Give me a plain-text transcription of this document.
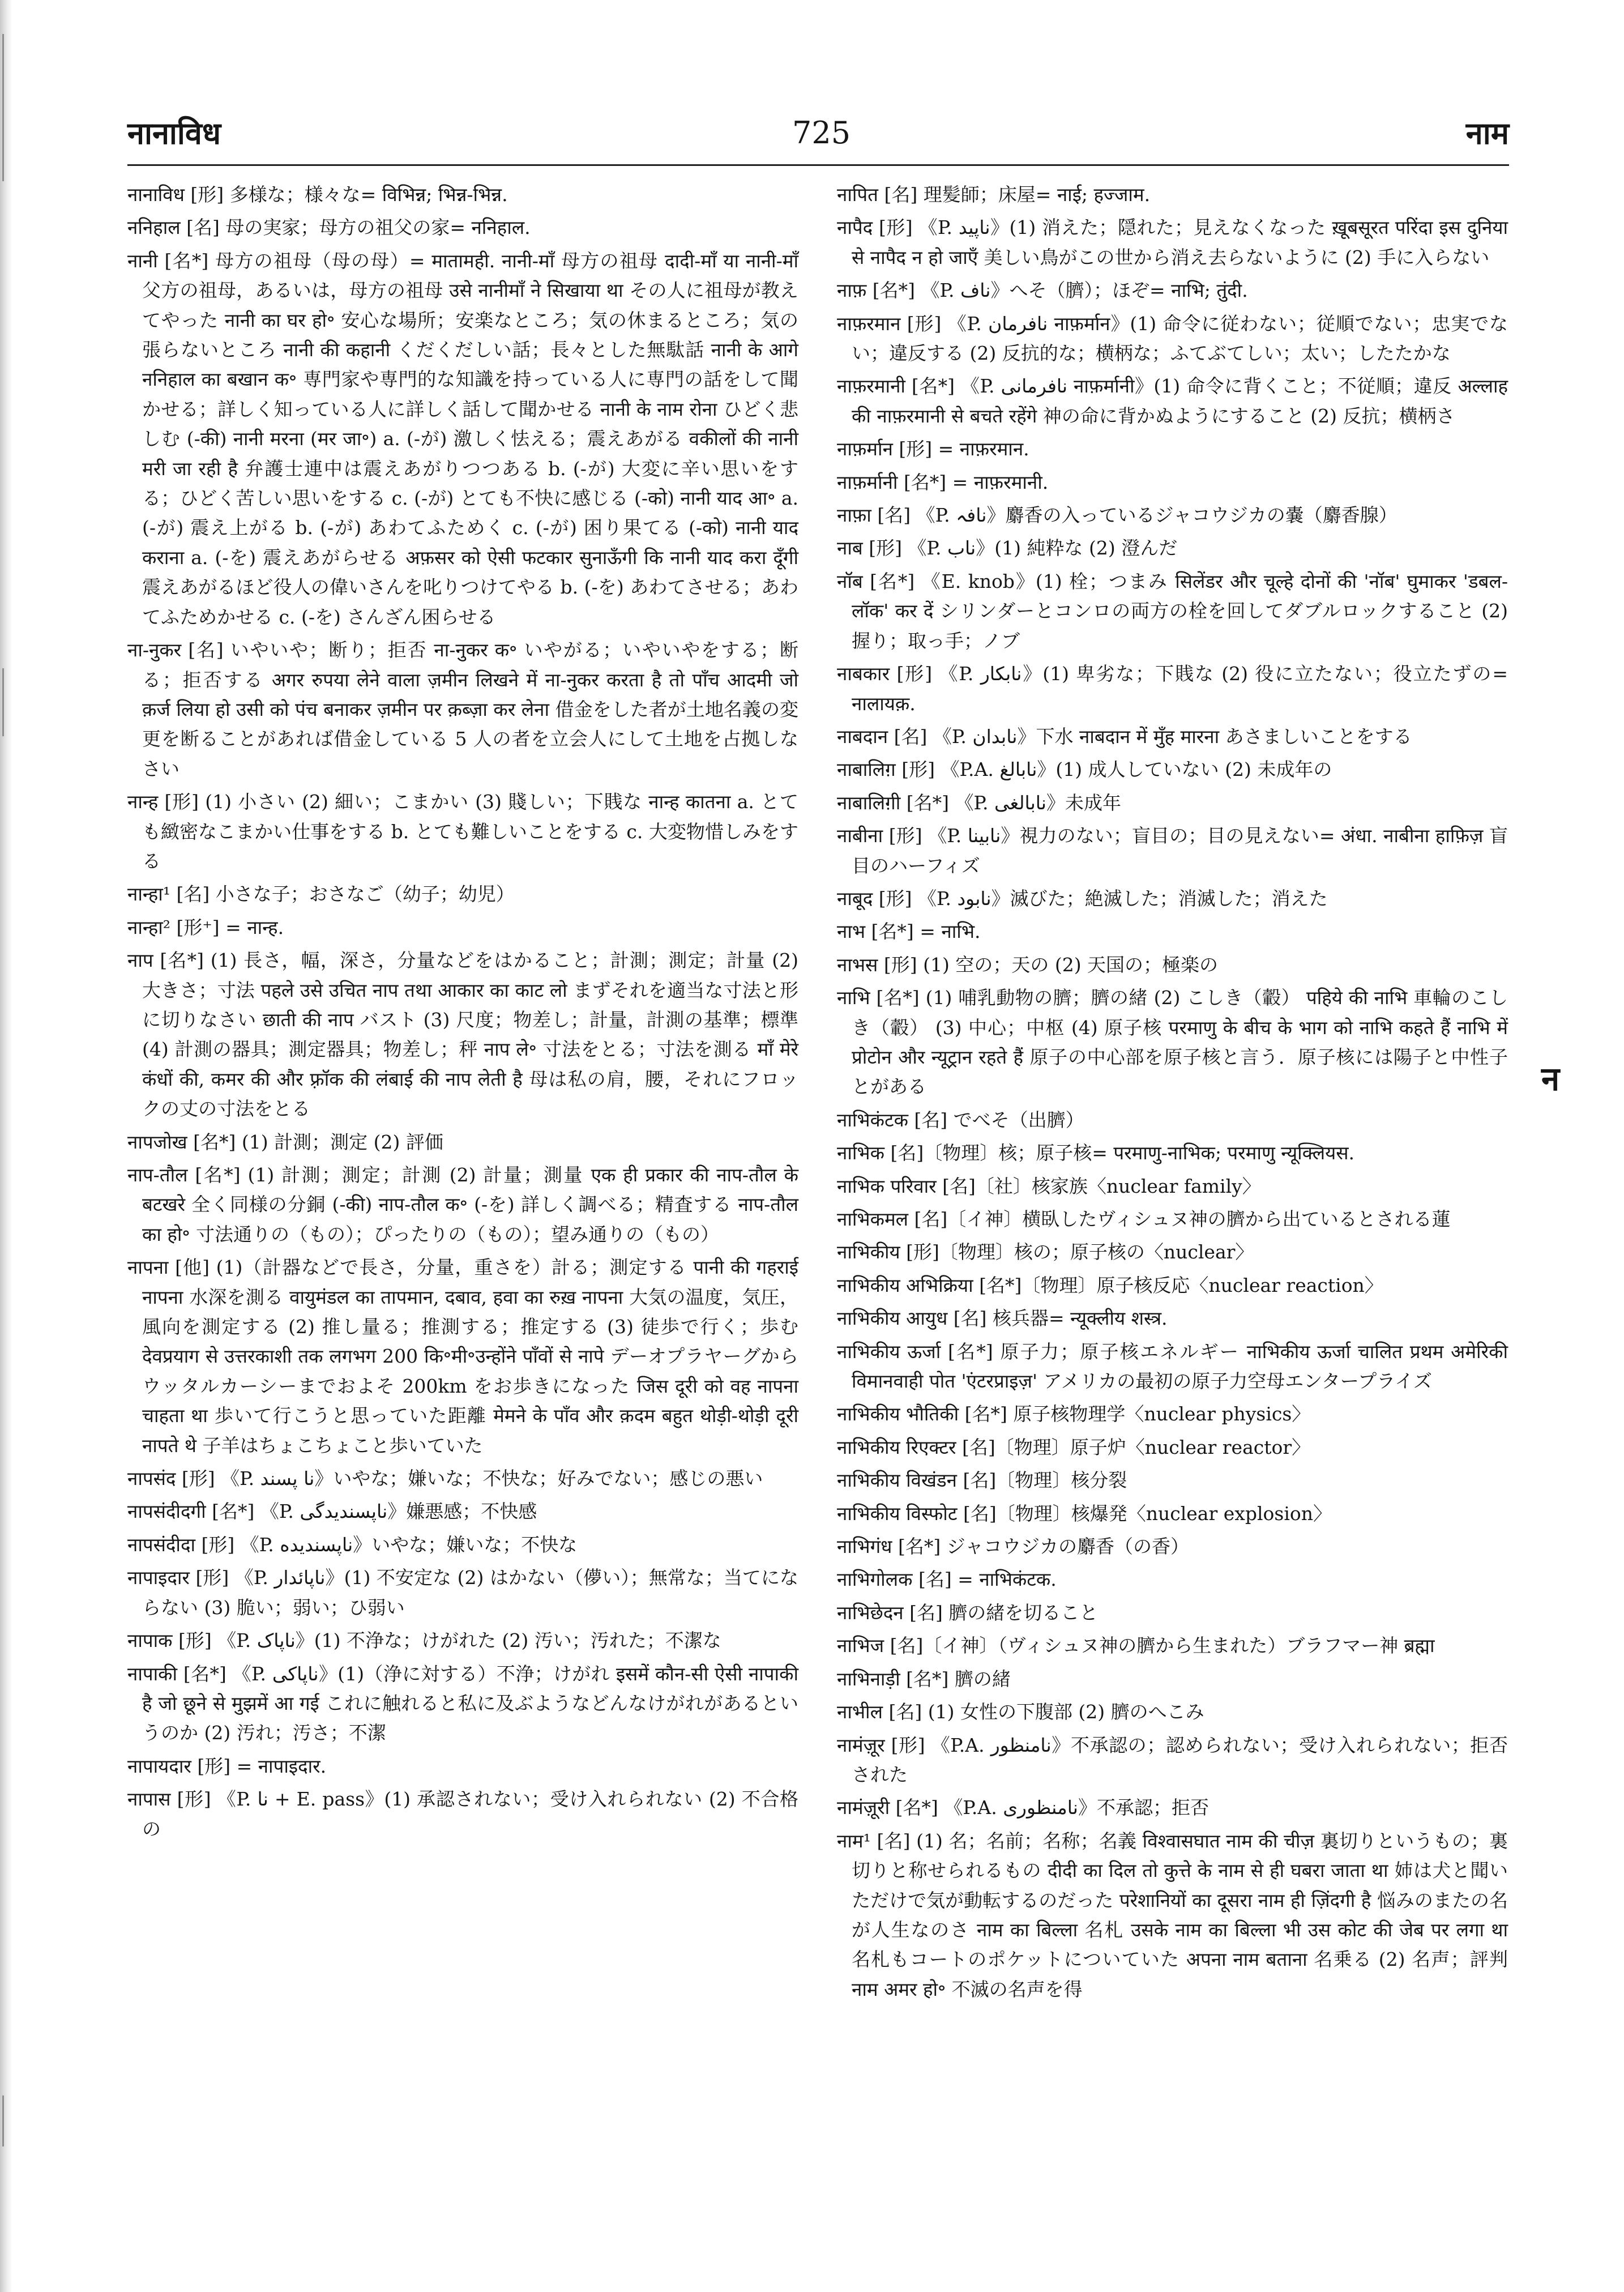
नानाविध	725	नाम

नानाविध [形] 多様な；様々な= विभिन्न; भिन्न-भिन्न.

ननिहाल [名] 母の実家；母方の祖父の家= ननिहाल.

नानी [名*] 母方の祖母（母の母）= मातामही. नानी-माँ 母方の祖母 दादी-माँ या नानी-माँ 父方の祖母，あるいは，母方の祖母 उसे नानीमाँ ने सिखाया था その人に祖母が教えてやった नानी का घर हो॰ 安心な場所；安楽なところ；気の休まるところ；気の張らないところ नानी की कहानी くだくだしい話；長々とした無駄話 नानी के आगे ननिहाल का बखान क॰ 専門家や専門的な知識を持っている人に専門の話をして聞かせる；詳しく知っている人に詳しく話して聞かせる नानी के नाम रोना ひどく悲しむ (-की) नानी मरना (मर जा॰) a. (-が) 激しく怯える；震えあがる वकीलों की नानी मरी जा रही है 弁護士連中は震えあがりつつある b. (-が) 大変に辛い思いをする；ひどく苦しい思いをする c. (-が) とても不快に感じる (-को) नानी याद आ॰ a. (-が) 震え上がる b. (-が) あわてふためく c. (-が) 困り果てる (-को) नानी याद कराना a. (-を) 震えあがらせる अफ़सर को ऐसी फटकार सुनाऊँगी कि नानी याद करा दूँगी 震えあがるほど役人の偉いさんを叱りつけてやる b. (-を) あわてさせる；あわてふためかせる c. (-を) さんざん困らせる

ना-नुकर [名] いやいや；断り；拒否 ना-नुकर क॰ いやがる；いやいやをする；断る；拒否する अगर रुपया लेने वाला ज़मीन लिखने में ना-नुकर करता है तो पाँच आदमी जो क़र्ज लिया हो उसी को पंच बनाकर ज़मीन पर क़ब्ज़ा कर लेना 借金をした者が土地名義の変更を断ることがあれば借金している 5 人の者を立会人にして土地を占拠しなさい

नान्ह [形] (1) 小さい (2) 細い；こまかい (3) 賤しい；下賎な नान्ह कातना a. とても緻密なこまかい仕事をする b. とても難しいことをする c. 大変物惜しみをする

नान्हा¹ [名] 小さな子；おさなご（幼子；幼児）

नान्हा² [形⁺] = नान्ह.

नाप [名*] (1) 長さ，幅，深さ，分量などをはかること；計測；測定；計量 (2) 大きさ；寸法 पहले उसे उचित नाप तथा आकार का काट लो まずそれを適当な寸法と形に切りなさい छाती की नाप バスト (3) 尺度；物差し；計量，計測の基準；標準 (4) 計測の器具；測定器具；物差し；秤 नाप ले॰ 寸法をとる；寸法を測る माँ मेरे कंधों की, कमर की और फ़्रॉक की लंबाई की नाप लेती है 母は私の肩，腰，それにフロックの丈の寸法をとる

नापजोख [名*] (1) 計測；測定 (2) 評価

नाप-तौल [名*] (1) 計測；測定；計測 (2) 計量；測量 एक ही प्रकार की नाप-तौल के बटखरे 全く同様の分銅 (-की) नाप-तौल क॰ (-を) 詳しく調べる；精査する नाप-तौल का हो॰ 寸法通りの（もの）；ぴったりの（もの）；望み通りの（もの）

नापना [他] (1)（計器などで長さ，分量，重さを）計る；測定する पानी की गहराई नापना 水深を測る वायुमंडल का तापमान, दबाव, हवा का रुख़ नापना 大気の温度，気圧，風向を測定する (2) 推し量る；推測する；推定する (3) 徒歩で行く；歩む देवप्रयाग से उत्तरकाशी तक लगभग 200 कि॰मी॰उन्होंने पाँवों से नापे デーオプラヤーグからウッタルカーシーまでおよそ 200km をお歩きになった जिस दूरी को वह नापना चाहता था 歩いて行こうと思っていた距離 मेमने के पाँव और क़दम बहुत थोड़ी-थोड़ी दूरी नापते थे 子羊はちょこちょこと歩いていた

नापसंद [形] 《P. نا پسند》いやな；嫌いな；不快な；好みでない；感じの悪い

नापसंदीदगी [名*] 《P. ناپسندیدگی》嫌悪感；不快感

नापसंदीदा [形] 《P. ناپسندیده》いやな；嫌いな；不快な

नापाइदार [形] 《P. ناپائدار》(1) 不安定な (2) はかない（儚い）；無常な；当てにならない (3) 脆い；弱い；ひ弱い

नापाक [形] 《P. ناپاک》(1) 不浄な；けがれた (2) 汚い；汚れた；不潔な

नापाकी [名*] 《P. ناپاکی》(1)（浄に対する）不浄；けがれ इसमें कौन-सी ऐसी नापाकी है जो छूने से मुझमें आ गई これに触れると私に及ぶようなどんなけがれがあるというのか (2) 汚れ；汚さ；不潔

नापायदार [形] = नापाइदार.

नापास [形] 《P. نا + E. pass》(1) 承認されない；受け入れられない (2) 不合格の

नापित [名] 理髪師；床屋= नाई; हज्जाम.

नापैद [形] 《P. ناپید》(1) 消えた；隠れた；見えなくなった ख़ूबसूरत परिंदा इस दुनिया से नापैद न हो जाएँ 美しい鳥がこの世から消え去らないように (2) 手に入らない

नाफ़ [名*] 《P. ناف》へそ（臍）；ほぞ= नाभि; तुंदी.

नाफ़रमान [形] 《P. نافرمان नाफ़र्मान》(1) 命令に従わない；従順でない；忠実でない；違反する (2) 反抗的な；横柄な；ふてぶてしい；太い；したたかな

नाफ़रमानी [名*] 《P. نافرمانی नाफ़र्मानी》(1) 命令に背くこと；不従順；違反 अल्लाह की नाफ़रमानी से बचते रहेंगे 神の命に背かぬようにすること (2) 反抗；横柄さ

नाफ़र्मान [形] = नाफ़रमान.

नाफ़र्मानी [名*] = नाफ़रमानी.

नाफ़ा [名] 《P. نافہ》麝香の入っているジャコウジカの嚢（麝香腺）

नाब [形] 《P. ناب》(1) 純粋な (2) 澄んだ

नॉब [名*] 《E. knob》(1) 栓；つまみ सिलेंडर और चूल्हे दोनों की 'नॉब' घुमाकर 'डबल-लॉक' कर दें シリンダーとコンロの両方の栓を回してダブルロックすること (2) 握り；取っ手；ノブ

नाबकार [形] 《P. نابکار》(1) 卑劣な；下賎な (2) 役に立たない；役立たずの= नालायक़.

नाबदान [名] 《P. نابدان》下水 नाबदान में मुँह मारना あさましいことをする

नाबालिग़ [形] 《P.A. نابالغ》(1) 成人していない (2) 未成年の

नाबालिग़ी [名*] 《P. نابالغی》未成年

नाबीना [形] 《P. نابینا》視力のない；盲目の；目の見えない= अंधा. नाबीना हाफ़िज़ 盲目のハーフィズ

नाबूद [形] 《P. نابود》滅びた；絶滅した；消滅した；消えた

नाभ [名*] = नाभि.

नाभस [形] (1) 空の；天の (2) 天国の；極楽の

नाभि [名*] (1) 哺乳動物の臍；臍の緒 (2) こしき（轂） पहिये की नाभि 車輪のこしき（轂） (3) 中心；中枢 (4) 原子核 परमाणु के बीच के भाग को नाभि कहते हैं नाभि में प्रोटोन और न्यूट्रान रहते हैं 原子の中心部を原子核と言う．原子核には陽子と中性子とがある

नाभिकंटक [名] でべそ（出臍）

नाभिक [名]〔物理〕核；原子核= परमाणु-नाभिक; परमाणु न्यूक्लियस.

नाभिक परिवार [名]〔社〕核家族〈nuclear family〉

नाभिकमल [名]〔イ神〕横臥したヴィシュヌ神の臍から出ているとされる蓮

नाभिकीय [形]〔物理〕核の；原子核の〈nuclear〉

नाभिकीय अभिक्रिया [名*]〔物理〕原子核反応〈nuclear reaction〉

नाभिकीय आयुध [名] 核兵器= न्यूक्लीय शस्त्र.

नाभिकीय ऊर्जा [名*] 原子力；原子核エネルギー नाभिकीय ऊर्जा चालित प्रथम अमेरिकी विमानवाही पोत 'एंटरप्राइज़' アメリカの最初の原子力空母エンタープライズ

नाभिकीय भौतिकी [名*] 原子核物理学〈nuclear physics〉

नाभिकीय रिएक्टर [名]〔物理〕原子炉〈nuclear reactor〉

नाभिकीय विखंडन [名]〔物理〕核分裂

नाभिकीय विस्फोट [名]〔物理〕核爆発〈nuclear explosion〉

नाभिगंध [名*] ジャコウジカの麝香（の香）

नाभिगोलक [名] = नाभिकंटक.

नाभिछेदन [名] 臍の緒を切ること

नाभिज [名]〔イ神〕（ヴィシュヌ神の臍から生まれた）ブラフマー神 ब्रह्मा

नाभिनाड़ी [名*] 臍の緒

नाभील [名] (1) 女性の下腹部 (2) 臍のへこみ

नामंज़ूर [形] 《P.A. نامنظور》不承認の；認められない；受け入れられない；拒否された

नामंज़ूरी [名*] 《P.A. نامنظوری》不承認；拒否

नाम¹ [名] (1) 名；名前；名称；名義 विश्वासघात नाम की चीज़ 裏切りというもの；裏切りと称せられるもの दीदी का दिल तो कुत्ते के नाम से ही घबरा जाता था 姉は犬と聞いただけで気が動転するのだった परेशानियों का दूसरा नाम ही ज़िंदगी है 悩みのまたの名が人生なのさ नाम का बिल्ला 名札 उसके नाम का बिल्ला भी उस कोट की जेब पर लगा था 名札もコートのポケットについていた अपना नाम बताना 名乗る (2) 名声；評判 नाम अमर हो॰ 不滅の名声を得

न
